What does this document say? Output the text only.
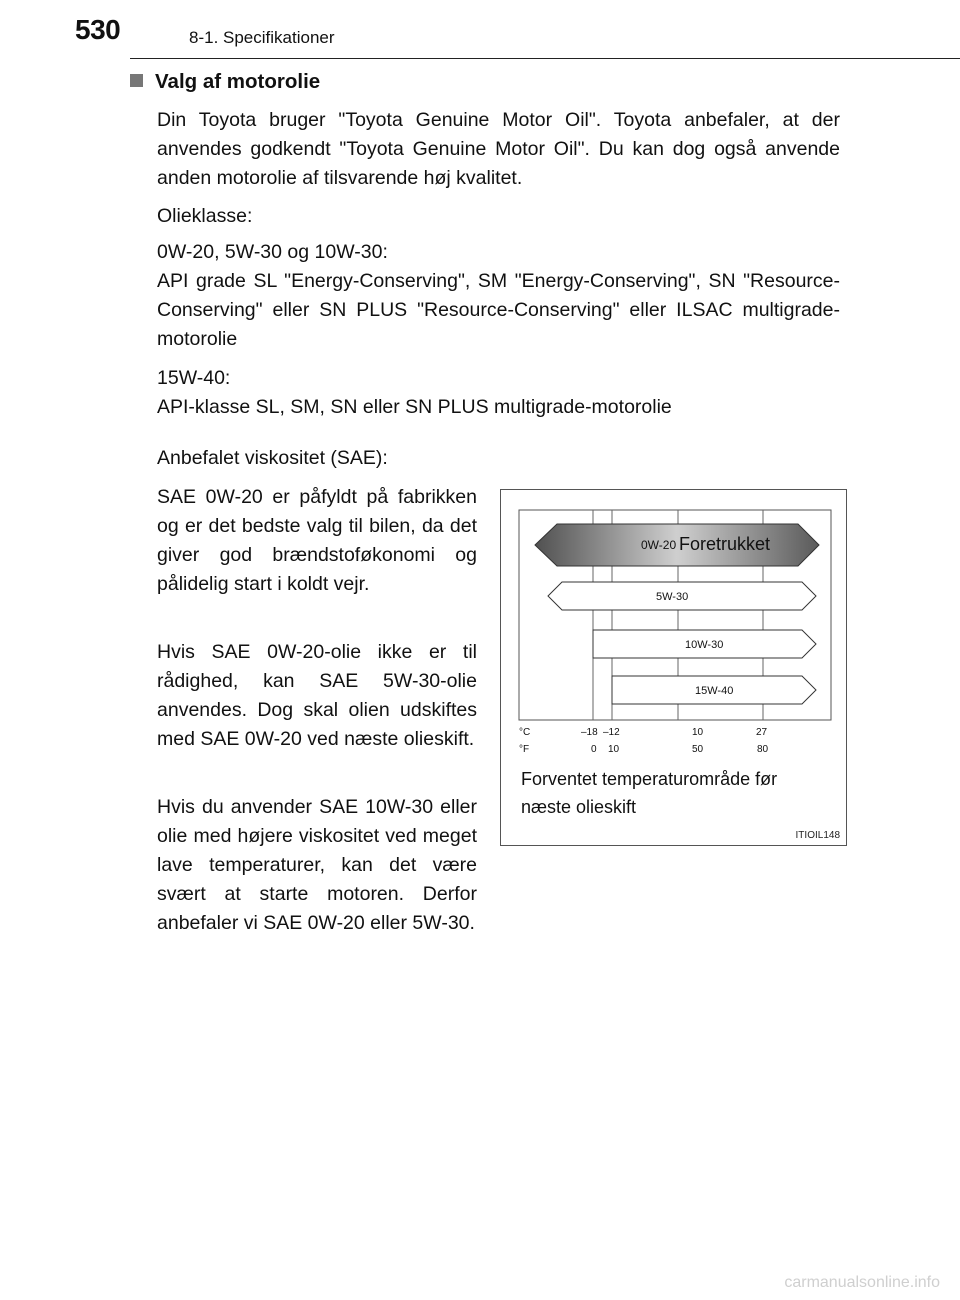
530	8-1. Specifikationer
Valg af motorolie

Din Toyota bruger "Toyota Genuine Motor Oil". Toyota anbefaler, at der anvendes godkendt "Toyota Genuine Motor Oil". Du kan dog også anvende anden motorolie af tilsvarende høj kvalitet.

Olieklasse:

0W-20, 5W-30 og 10W-30:

API grade SL "Energy-Conserving", SM "Energy-Conserving", SN "Resource-Conserving" eller SN PLUS "Resource-Conserving" eller ILSAC multigrade-motorolie

15W-40:

API-klasse SL, SM, SN eller SN PLUS multigrade-motorolie

Anbefalet viskositet (SAE):

SAE 0W-20 er påfyldt på fabrikken og er det bedste valg til bilen, da det giver god brændstoføkonomi og pålidelig start i koldt vejr.

Hvis SAE 0W-20-olie ikke er til rådighed, kan SAE 5W-30-olie anvendes. Dog skal olien udskiftes med SAE 0W-20 ved næste olieskift.

Hvis du anvender SAE 10W-30 eller olie med højere viskositet ved meget lave temperaturer, kan det være svært at starte motoren. Derfor anbefaler vi SAE 0W-20 eller 5W-30.

0W-20 Foretrukket
5W-30
10W-30
15W-40
°C
°F
–18 –12	10	27
0 10	50	80
Forventet temperaturområde før næste olieskift
ITIOIL148
carmanualsonline.info
